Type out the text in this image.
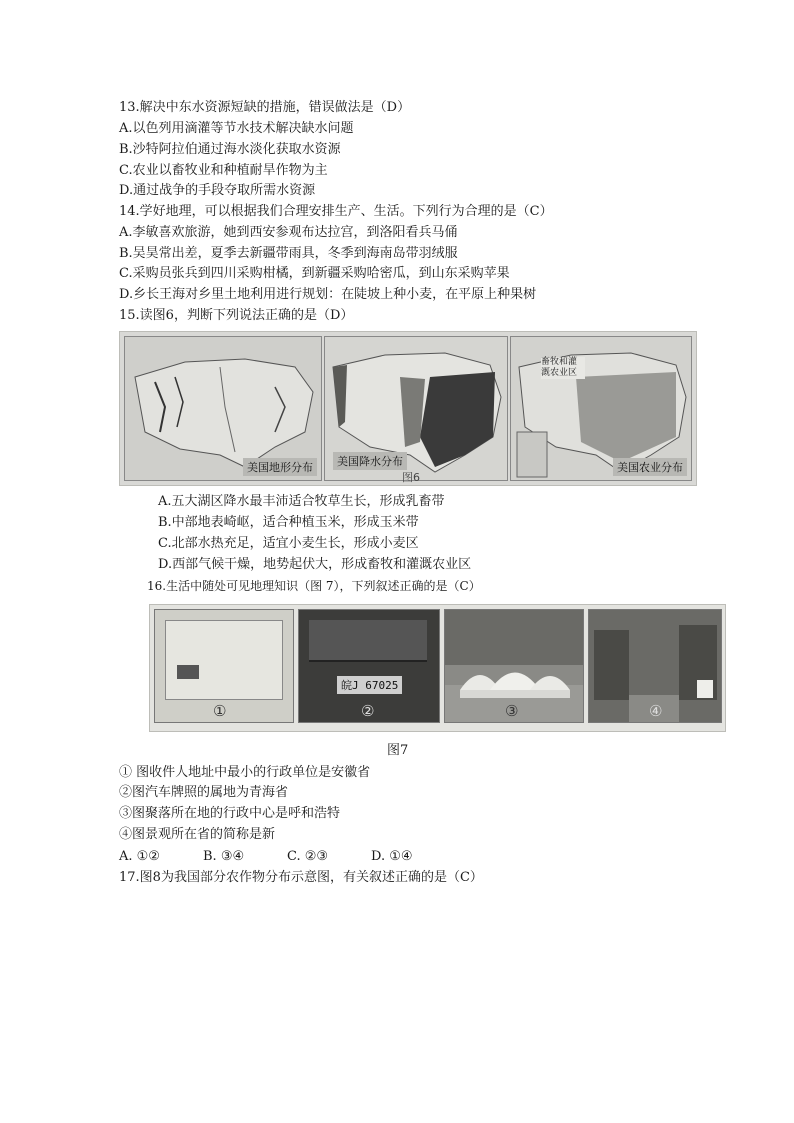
13.解决中东水资源短缺的措施，错误做法是（D）
A.以色列用滴灌等节水技术解决缺水问题
B.沙特阿拉伯通过海水淡化获取水资源
C.农业以畜牧业和种植耐旱作物为主
D.通过战争的手段夺取所需水资源
14.学好地理，可以根据我们合理安排生产、生活。下列行为合理的是（C）
A.李敏喜欢旅游，她到西安参观布达拉宫，到洛阳看兵马俑
B.吴昊常出差，夏季去新疆带雨具，冬季到海南岛带羽绒服
C.采购员张兵到四川采购柑橘，到新疆采购哈密瓜，到山东采购苹果
D.乡长王海对乡里土地利用进行规划：在陡坡上种小麦，在平原上种果树
15.读图6，判断下列说法正确的是（D）
美国地形分布	美国降水分布
畜牧和灌溉农业区
美国农业分布
图6
A.五大湖区降水最丰沛适合牧草生长，形成乳畜带
B.中部地表崎岖，适合种植玉米，形成玉米带
C.北部水热充足，适宜小麦生长，形成小麦区
D.西部气候干燥，地势起伏大，形成畜牧和灌溉农业区
16.生活中随处可见地理知识（图 7），下列叙述正确的是（C）
①
皖J 67025
②	③	④
图7
① 图收件人地址中最小的行政单位是安徽省
②图汽车牌照的属地为青海省
③图聚落所在地的行政中心是呼和浩特
④图景观所在省的简称是新
A. ①②	B. ③④	C. ②③	D. ①④
17.图8为我国部分农作物分布示意图，有关叙述正确的是（C）
